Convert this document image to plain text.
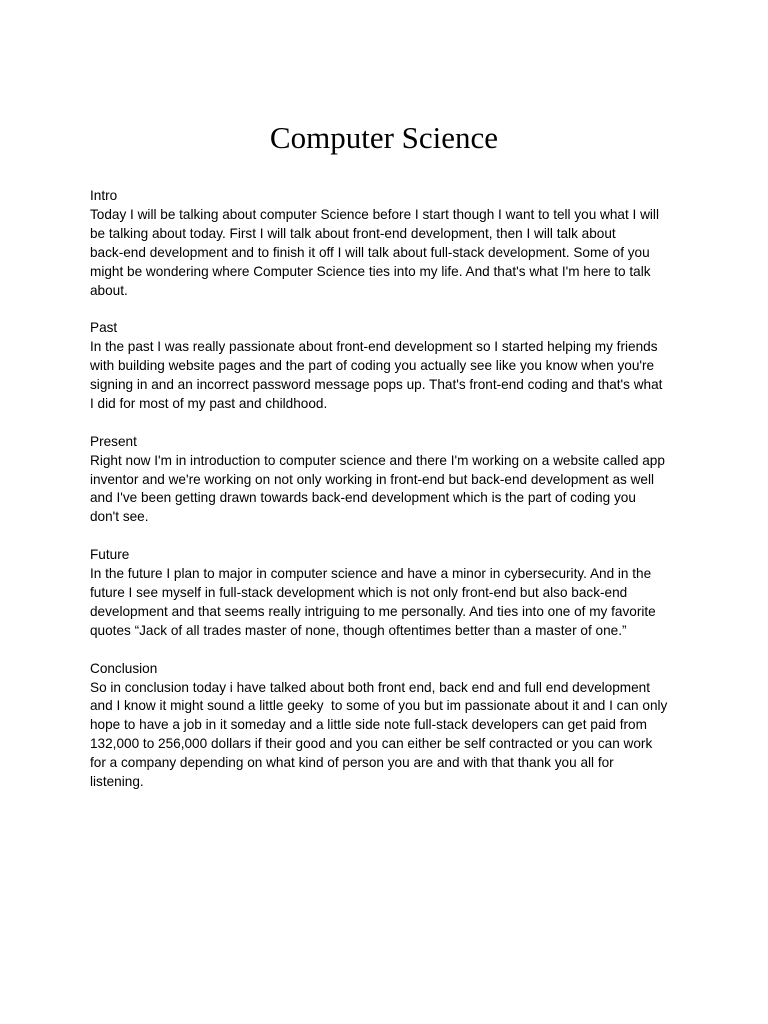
Computer Science
Intro
Today I will be talking about computer Science before I start though I want to tell you what I will
be talking about today. First I will talk about front-end development, then I will talk about
back-end development and to finish it off I will talk about full-stack development. Some of you
might be wondering where Computer Science ties into my life. And that's what I'm here to talk
about.
Past
In the past I was really passionate about front-end development so I started helping my friends
with building website pages and the part of coding you actually see like you know when you're
signing in and an incorrect password message pops up. That's front-end coding and that's what
I did for most of my past and childhood.
Present
Right now I'm in introduction to computer science and there I'm working on a website called app
inventor and we're working on not only working in front-end but back-end development as well
and I've been getting drawn towards back-end development which is the part of coding you
don't see.
Future
In the future I plan to major in computer science and have a minor in cybersecurity. And in the
future I see myself in full-stack development which is not only front-end but also back-end
development and that seems really intriguing to me personally. And ties into one of my favorite
quotes “Jack of all trades master of none, though oftentimes better than a master of one.”
Conclusion
So in conclusion today i have talked about both front end, back end and full end development
and I know it might sound a little geeky  to some of you but im passionate about it and I can only
hope to have a job in it someday and a little side note full-stack developers can get paid from
132,000 to 256,000 dollars if their good and you can either be self contracted or you can work
for a company depending on what kind of person you are and with that thank you all for
listening.
